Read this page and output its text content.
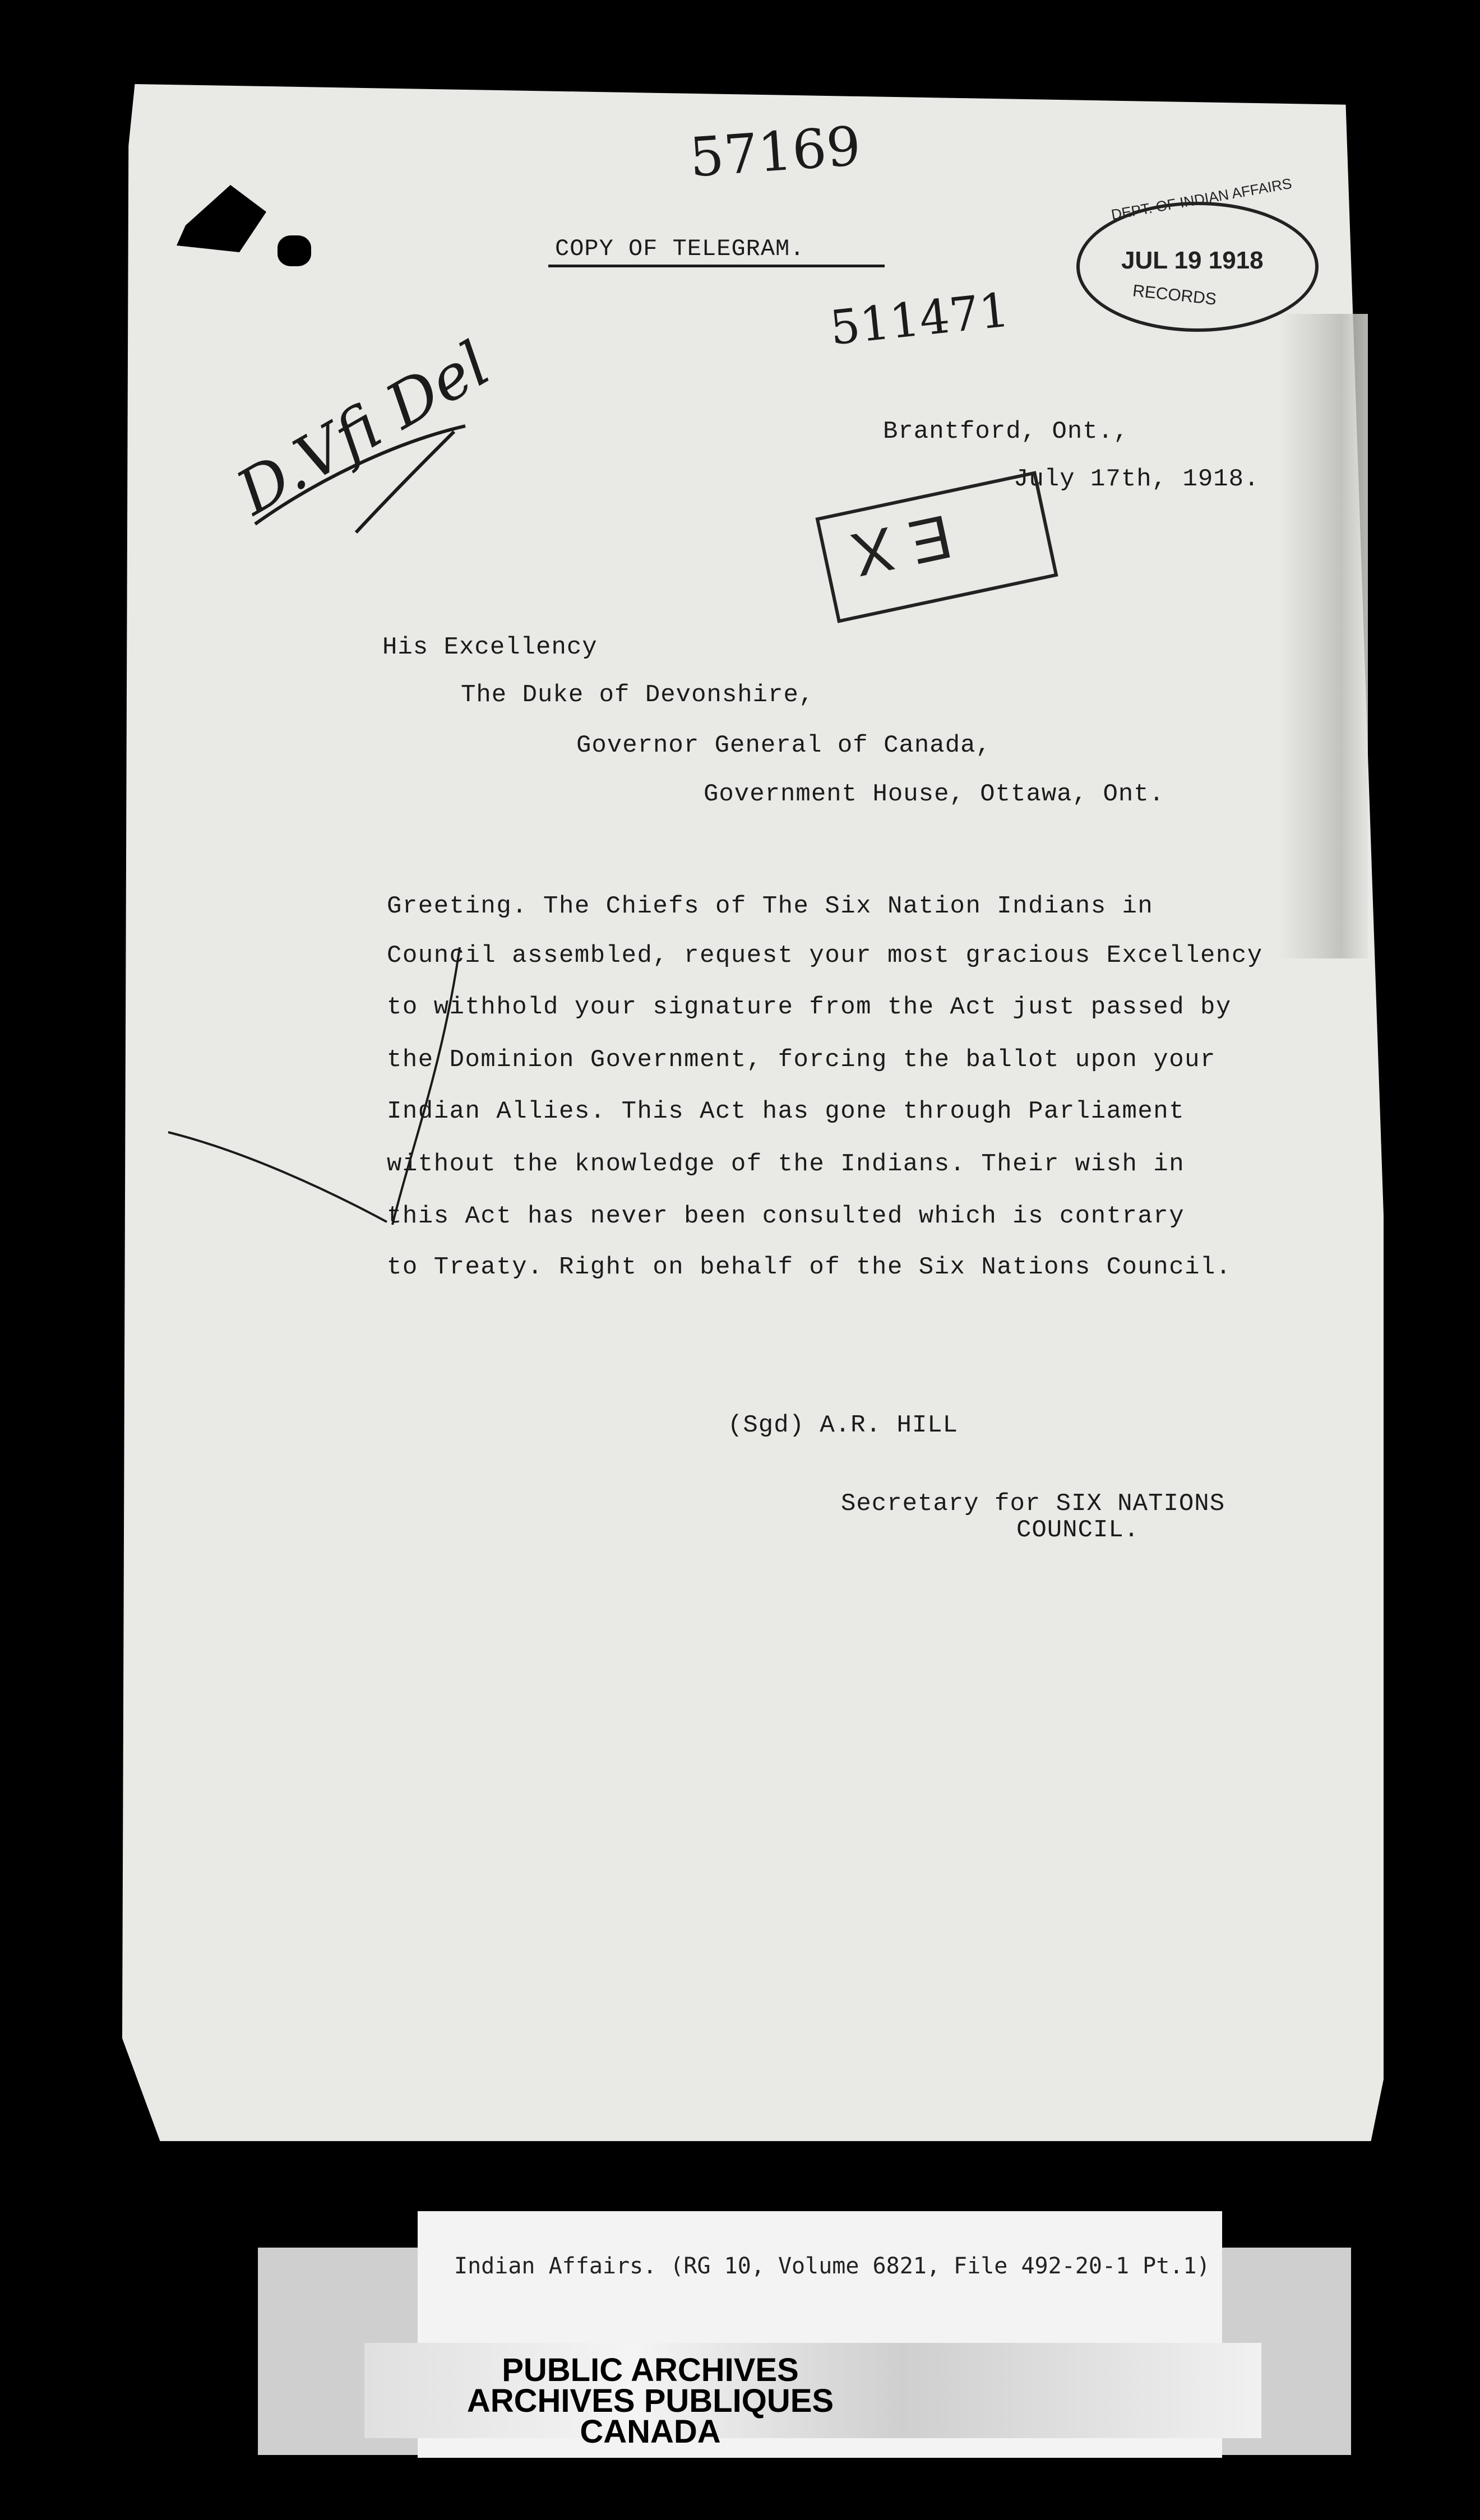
57169
511471
D.Vfi Del
COPY OF TELEGRAM.
DEPT. OF INDIAN AFFAIRS
JUL 19 1918
RECORDS
Brantford, Ont.,
July 17th, 1918.
E X
His Excellency
The Duke of Devonshire,
Governor General of Canada,
Government House, Ottawa, Ont.
Greeting. The Chiefs of The Six Nation Indians in
Council assembled, request your most gracious Excellency
to withhold your signature from the Act just passed by
the Dominion Government, forcing the ballot upon your
Indian Allies. This Act has gone through Parliament
without the knowledge of the Indians. Their wish in
this Act has never been consulted which is contrary
to Treaty. Right on behalf of the Six Nations Council.
(Sgd) A.R. HILL
Secretary for SIX NATIONS
COUNCIL.
Indian Affairs. (RG 10, Volume 6821, File 492-20-1 Pt.1)
PUBLIC ARCHIVES
ARCHIVES PUBLIQUES
CANADA
